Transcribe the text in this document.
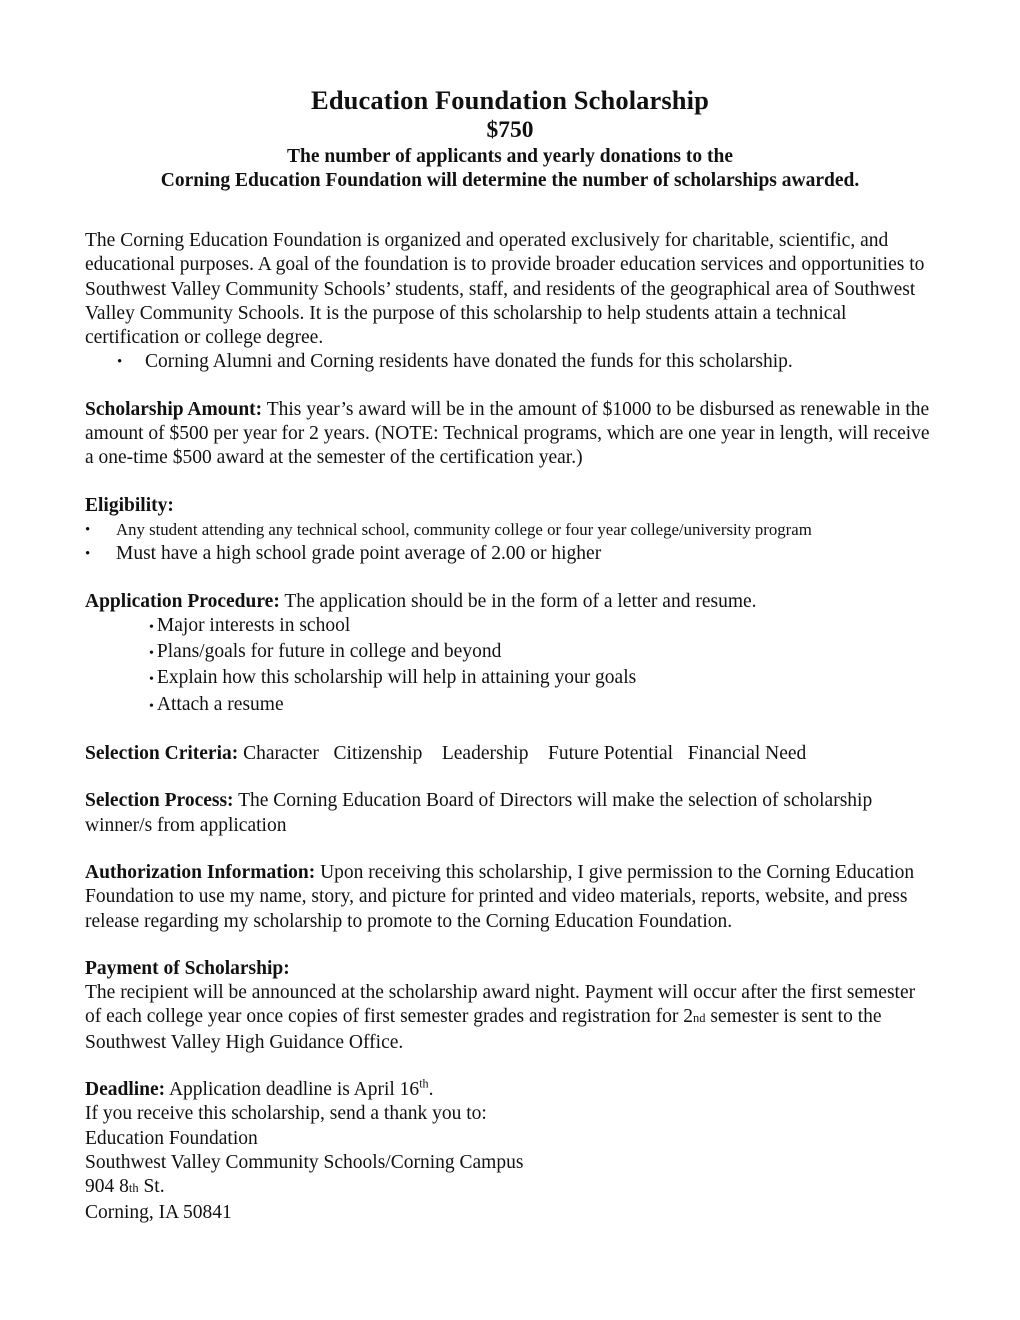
Education Foundation Scholarship
$750
The number of applicants and yearly donations to the
Corning Education Foundation will determine the number of scholarships awarded.

The Corning Education Foundation is organized and operated exclusively for charitable, scientific, and educational purposes. A goal of the foundation is to provide broader education services and opportunities to Southwest Valley Community Schools’ students, staff, and residents of the geographical area of Southwest Valley Community Schools. It is the purpose of this scholarship to help students attain a technical certification or college degree.

•	Corning Alumni and Corning residents have donated the funds for this scholarship.

Scholarship Amount: This year’s award will be in the amount of $1000 to be disbursed as renewable in the amount of $500 per year for 2 years. (NOTE: Technical programs, which are one year in length, will receive a one-time $500 award at the semester of the certification year.)

Eligibility:

•	Any student attending any technical school, community college or four year college/university program
•	Must have a high school grade point average of 2.00 or higher

Application Procedure: The application should be in the form of a letter and resume.

• Major interests in school
• Plans/goals for future in college and beyond
• Explain how this scholarship will help in attaining your goals
• Attach a resume

Selection Criteria: Character   Citizenship    Leadership    Future Potential   Financial Need

Selection Process: The Corning Education Board of Directors will make the selection of scholarship winner/s from application

Authorization Information: Upon receiving this scholarship, I give permission to the Corning Education Foundation to use my name, story, and picture for printed and video materials, reports, website, and press release regarding my scholarship to promote to the Corning Education Foundation.

Payment of Scholarship:

The recipient will be announced at the scholarship award night. Payment will occur after the first semester of each college year once copies of first semester grades and registration for 2nd semester is sent to the Southwest Valley High Guidance Office.

Deadline: Application deadline is April 16th.

If you receive this scholarship, send a thank you to:

Education Foundation
Southwest Valley Community Schools/Corning Campus
904 8th St.
Corning, IA 50841
